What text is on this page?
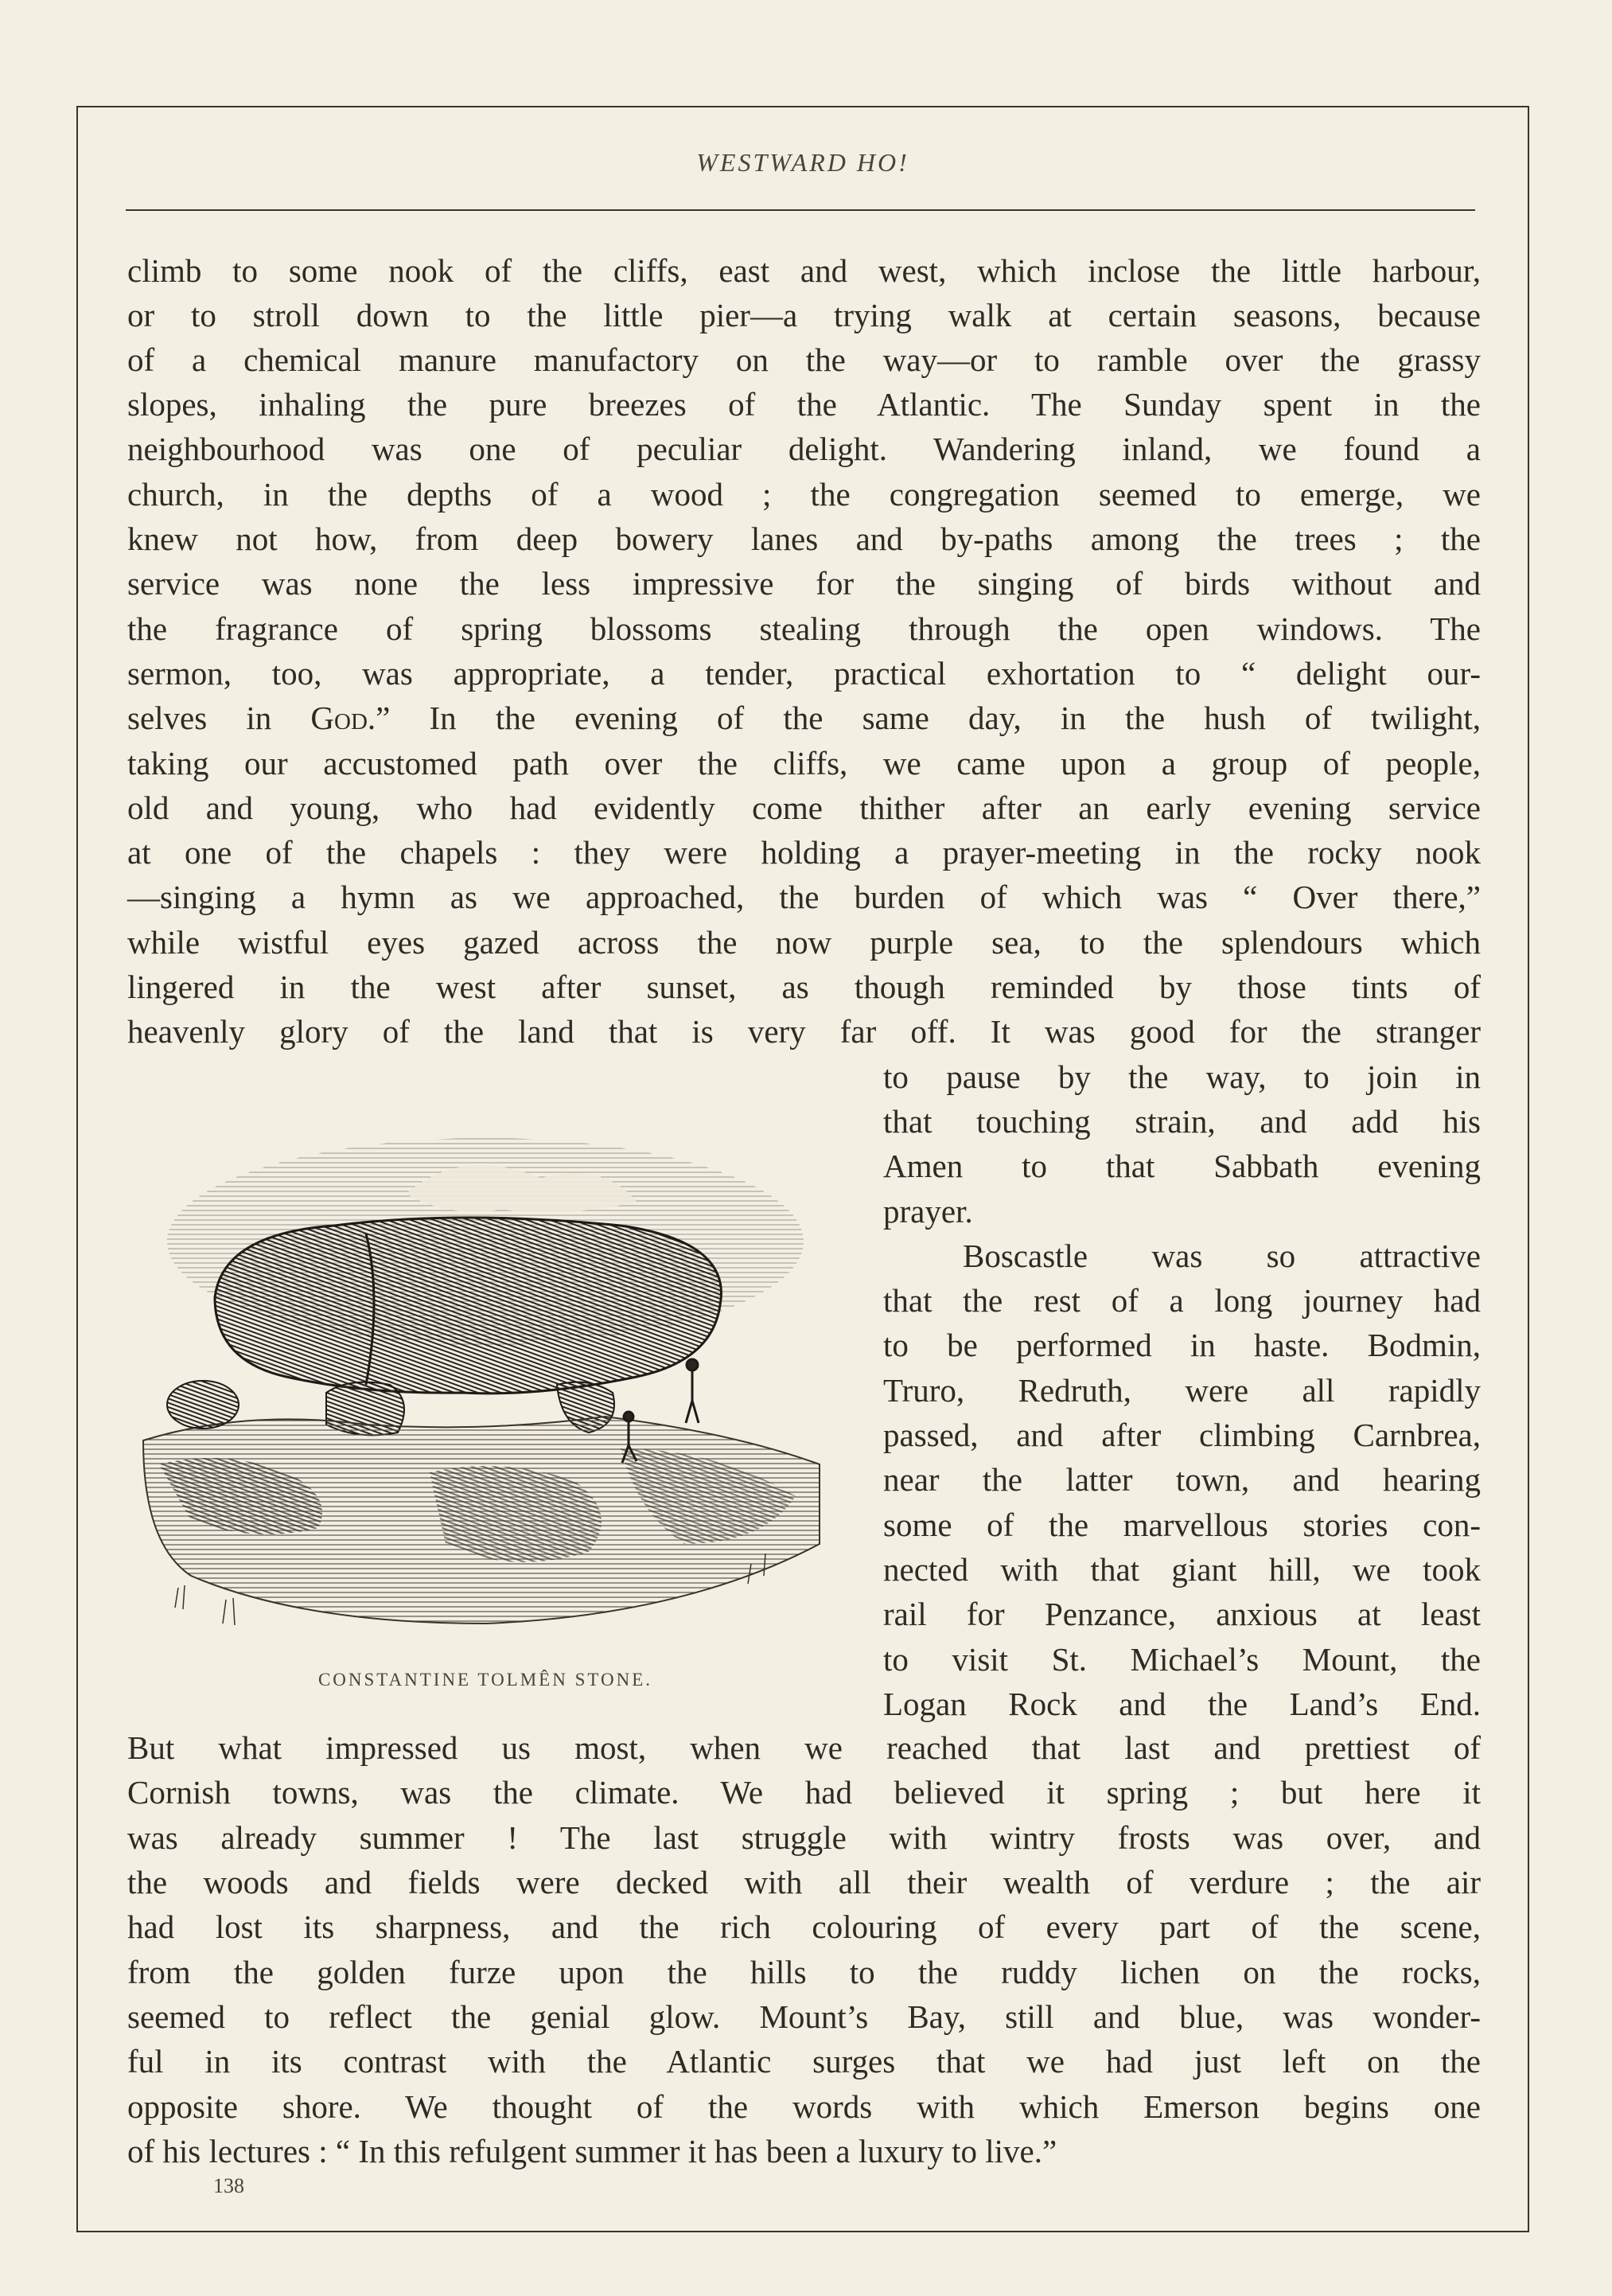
WESTWARD HO!
climb to some nook of the cliffs, east and west, which inclose the little harbour,
or to stroll down to the little pier—a trying walk at certain seasons, because
of a chemical manure manufactory on the way—or to ramble over the grassy
slopes, inhaling the pure breezes of the Atlantic. The Sunday spent in the
neighbourhood was one of peculiar delight. Wandering inland, we found a
church, in the depths of a wood ; the congregation seemed to emerge, we
knew not how, from deep bowery lanes and by-paths among the trees ; the
service was none the less impressive for the singing of birds without and
the fragrance of spring blossoms stealing through the open windows. The
sermon, too, was appropriate, a tender, practical exhortation to “ delight our-
selves in God.” In the evening of the same day, in the hush of twilight,
taking our accustomed path over the cliffs, we came upon a group of people,
old and young, who had evidently come thither after an early evening service
at one of the chapels : they were holding a prayer-meeting in the rocky nook
—singing a hymn as we approached, the burden of which was “ Over there,”
while wistful eyes gazed across the now purple sea, to the splendours which
lingered in the west after sunset, as though reminded by those tints of
heavenly glory of the land that is very far off. It was good for the stranger
to pause by the way, to join in
that touching strain, and add his
Amen to that Sabbath evening
prayer.
Boscastle was so attractive
that the rest of a long journey had
to be performed in haste. Bodmin,
Truro, Redruth, were all rapidly
passed, and after climbing Carnbrea,
near the latter town, and hearing
some of the marvellous stories con-
nected with that giant hill, we took
rail for Penzance, anxious at least
to visit St. Michael’s Mount, the
Logan Rock and the Land’s End.
But what impressed us most, when we reached that last and prettiest of
Cornish towns, was the climate. We had believed it spring ; but here it
was already summer ! The last struggle with wintry frosts was over, and
the woods and fields were decked with all their wealth of verdure ; the air
had lost its sharpness, and the rich colouring of every part of the scene,
from the golden furze upon the hills to the ruddy lichen on the rocks,
seemed to reflect the genial glow. Mount’s Bay, still and blue, was wonder-
ful in its contrast with the Atlantic surges that we had just left on the
opposite shore. We thought of the words with which Emerson begins one
of his lectures : “ In this refulgent summer it has been a luxury to live.”
CONSTANTINE TOLMÊN STONE.
138
